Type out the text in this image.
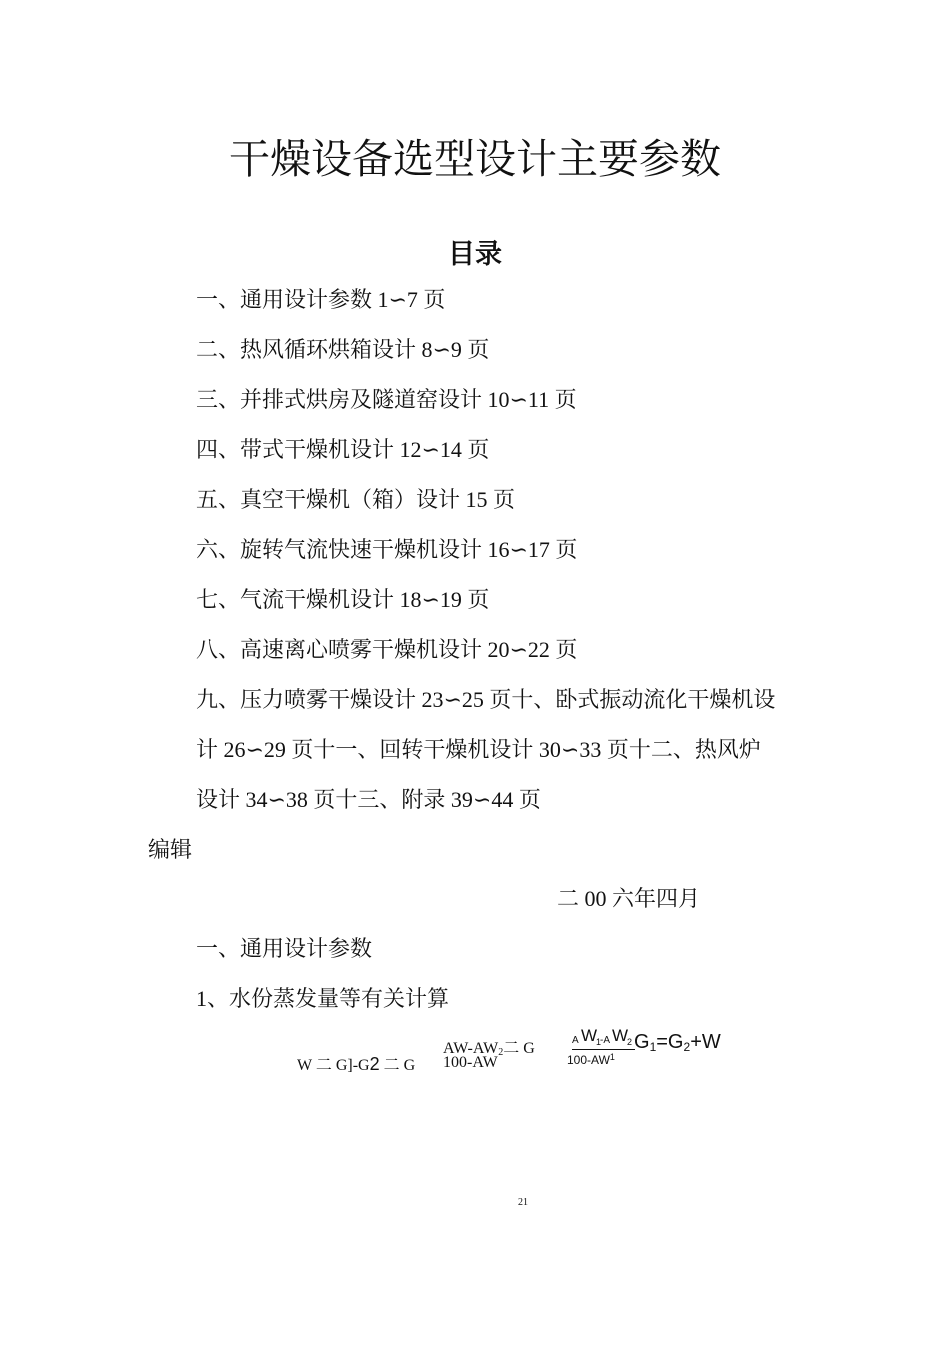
干燥设备选型设计主要参数
目录
一、通用设计参数 1∽7 页
二、热风循环烘箱设计 8∽9 页
三、并排式烘房及隧道窑设计 10∽11 页
四、带式干燥机设计 12∽14 页
五、真空干燥机（箱）设计 15 页
六、旋转气流快速干燥机设计 16∽17 页
七、气流干燥机设计 18∽19 页
八、高速离心喷雾干燥机设计 20∽22 页
九、压力喷雾干燥设计 23∽25 页十、卧式振动流化干燥机设
计 26∽29 页十一、回转干燥机设计 30∽33 页十二、热风炉
设计 34∽38 页十三、附录 39∽44 页
编辑
二 00 六年四月
一、通用设计参数
1、水份蒸发量等有关计算
W 二 G]-G2 二 G
AW-AW2二 G
100-AW
A W
1
-A W
2
$100-AW^1$
G1=G2+W
21
